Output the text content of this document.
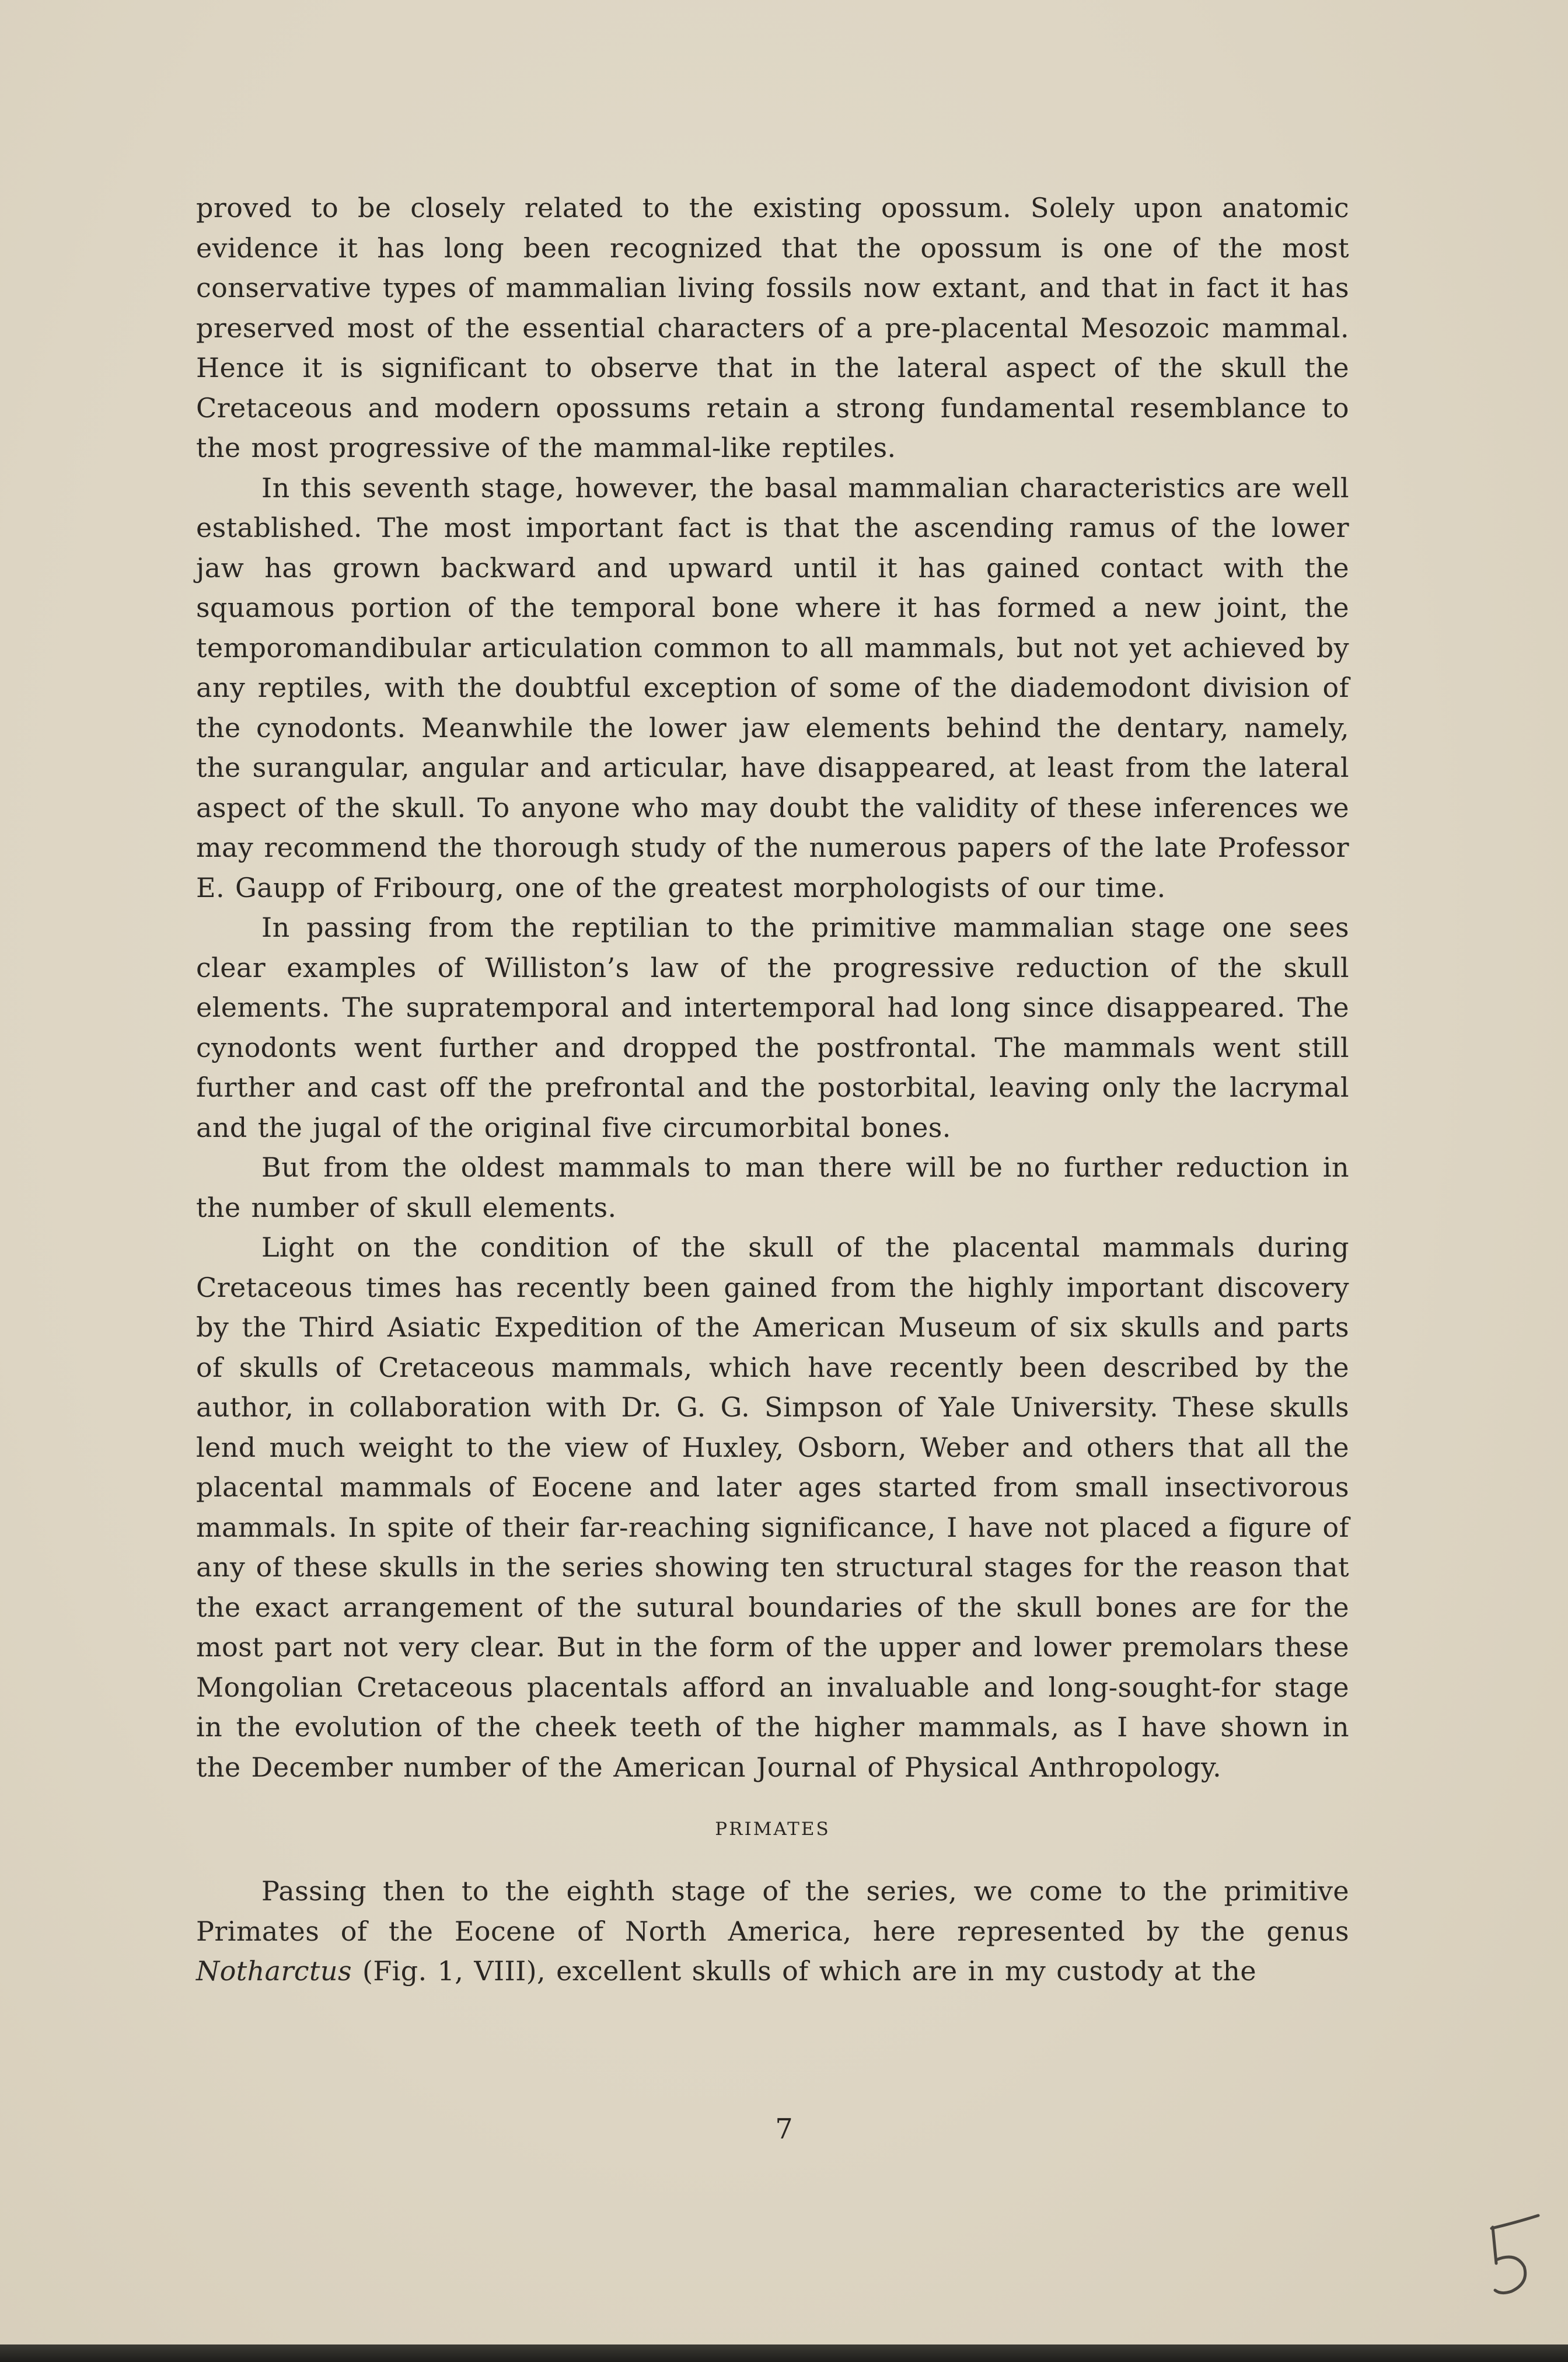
proved to be closely related to the existing opossum. Solely upon anatomic evidence it has long been recognized that the opossum is one of the most conservative types of mammalian living fossils now extant, and that in fact it has preserved most of the essential characters of a pre-placental Mesozoic mammal. Hence it is significant to observe that in the lateral aspect of the skull the Cretaceous and modern opossums retain a strong fundamental resemblance to the most progressive of the mammal-like reptiles.

In this seventh stage, however, the basal mammalian characteristics are well established. The most important fact is that the ascending ramus of the lower jaw has grown backward and upward until it has gained contact with the squamous portion of the temporal bone where it has formed a new joint, the temporomandibular articulation common to all mammals, but not yet achieved by any reptiles, with the doubtful exception of some of the diademodont division of the cynodonts. Meanwhile the lower jaw elements behind the dentary, namely, the surangular, angular and articular, have disappeared, at least from the lateral aspect of the skull. To anyone who may doubt the validity of these inferences we may recommend the thorough study of the numerous papers of the late Professor E. Gaupp of Fribourg, one of the greatest morphologists of our time.

In passing from the reptilian to the primitive mammalian stage one sees clear examples of Williston’s law of the progressive reduction of the skull elements. The supratemporal and intertemporal had long since disappeared. The cynodonts went further and dropped the postfrontal. The mammals went still further and cast off the prefrontal and the postorbital, leaving only the lacrymal and the jugal of the original five circumorbital bones.

But from the oldest mammals to man there will be no further reduction in the number of skull elements.

Light on the condition of the skull of the placental mammals during Cretaceous times has recently been gained from the highly important discovery by the Third Asiatic Expedition of the American Museum of six skulls and parts of skulls of Cretaceous mammals, which have recently been described by the author, in collaboration with Dr. G. G. Simpson of Yale University. These skulls lend much weight to the view of Huxley, Osborn, Weber and others that all the placental mammals of Eocene and later ages started from small insectivorous mammals. In spite of their far-reaching significance, I have not placed a figure of any of these skulls in the series showing ten structural stages for the reason that the exact arrangement of the sutural boundaries of the skull bones are for the most part not very clear. But in the form of the upper and lower premolars these Mongolian Cretaceous placentals afford an invaluable and long-sought-for stage in the evolution of the cheek teeth of the higher mammals, as I have shown in the December number of the American Journal of Physical Anthropology.

PRIMATES

Passing then to the eighth stage of the series, we come to the primitive Primates of the Eocene of North America, here represented by the genus Notharctus (Fig. 1, VIII), excellent skulls of which are in my custody at the

7
